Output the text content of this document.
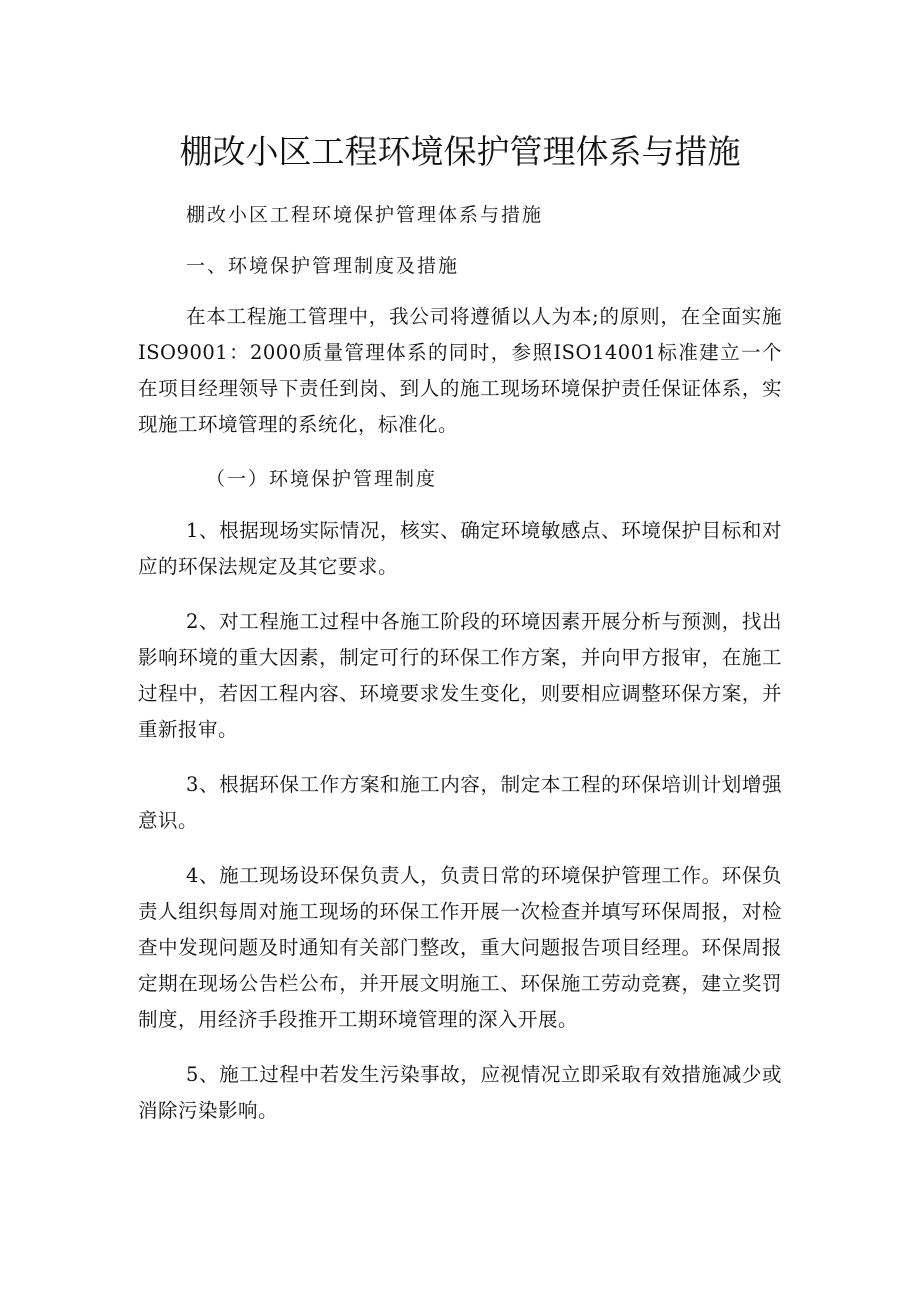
棚改小区工程环境保护管理体系与措施

棚改小区工程环境保护管理体系与措施

一、环境保护管理制度及措施

在本工程施工管理中，我公司将遵循以人为本;的原则，在全面实施ISO9001：2000质量管理体系的同时，参照ISO14001标准建立一个在项目经理领导下责任到岗、到人的施工现场环境保护责任保证体系，实现施工环境管理的系统化，标准化。

（一）环境保护管理制度

1、根据现场实际情况，核实、确定环境敏感点、环境保护目标和对应的环保法规定及其它要求。

2、对工程施工过程中各施工阶段的环境因素开展分析与预测，找出影响环境的重大因素，制定可行的环保工作方案，并向甲方报审，在施工过程中，若因工程内容、环境要求发生变化，则要相应调整环保方案，并重新报审。

3、根据环保工作方案和施工内容，制定本工程的环保培训计划增强意识。

4、施工现场设环保负责人，负责日常的环境保护管理工作。环保负责人组织每周对施工现场的环保工作开展一次检查并填写环保周报，对检查中发现问题及时通知有关部门整改，重大问题报告项目经理。环保周报定期在现场公告栏公布，并开展文明施工、环保施工劳动竞赛，建立奖罚制度，用经济手段推开工期环境管理的深入开展。

5、施工过程中若发生污染事故，应视情况立即采取有效措施减少或消除污染影响。
